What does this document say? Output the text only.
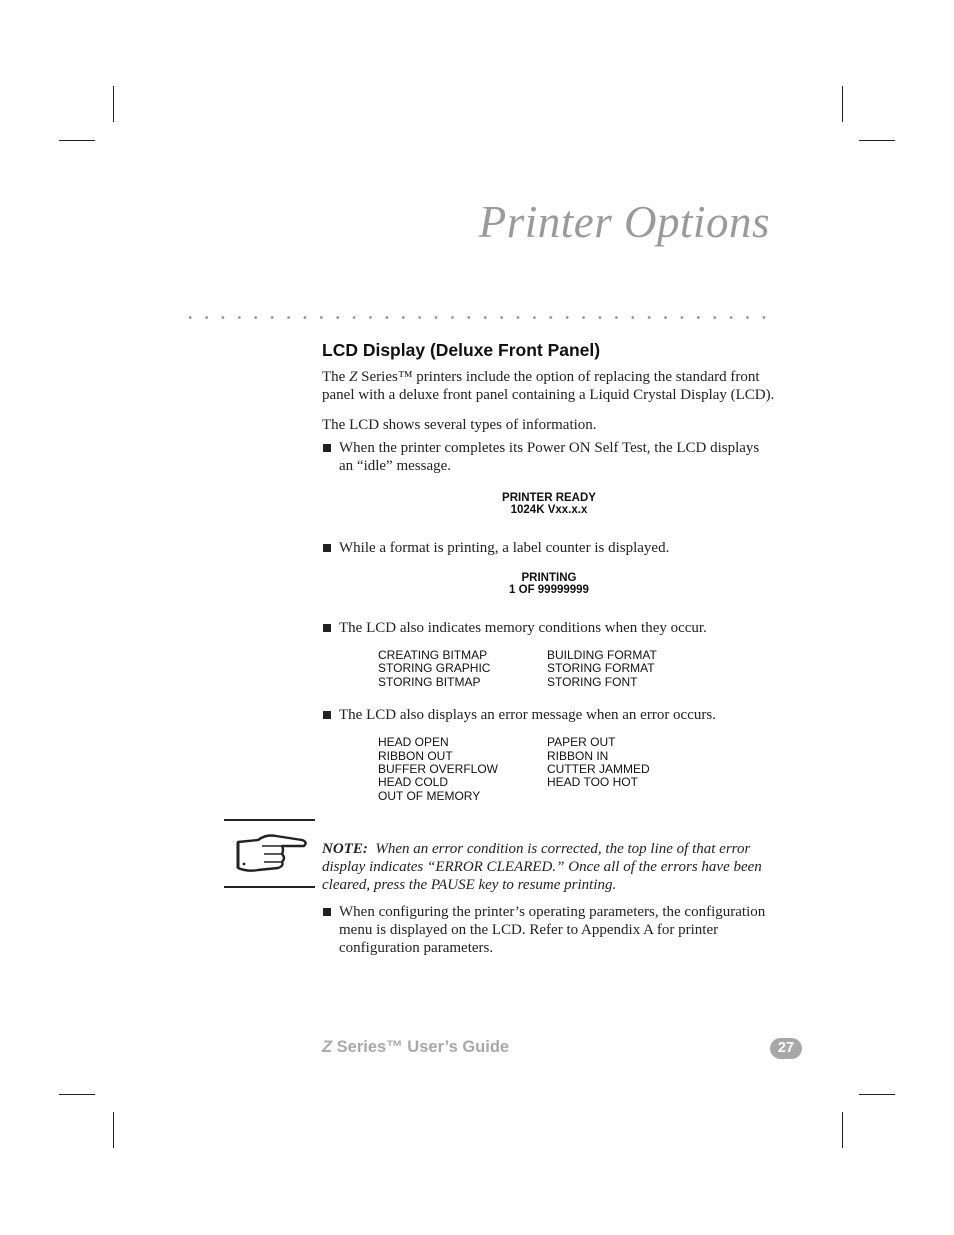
Printer Options
LCD Display (Deluxe Front Panel)

The Z Series™ printers include the option of replacing the standard front panel with a deluxe front panel containing a Liquid Crystal Display (LCD).

The LCD shows several types of information.

When the printer completes its Power ON Self Test, the LCD displays an “idle” message.
PRINTER READY
1024K Vxx.x.x
While a format is printing, a label counter is displayed.
PRINTING
1 OF 99999999
The LCD also indicates memory conditions when they occur.
CREATING BITMAP
STORING GRAPHIC
STORING BITMAP
BUILDING FORMAT
STORING FORMAT
STORING FONT
The LCD also displays an error message when an error occurs.
HEAD OPEN
RIBBON OUT
BUFFER OVERFLOW
HEAD COLD
OUT OF MEMORY
PAPER OUT
RIBBON IN
CUTTER JAMMED
HEAD TOO HOT

NOTE: When an error condition is corrected, the top line of that error display indicates “ERROR CLEARED.” Once all of the errors have been cleared, press the PAUSE key to resume printing.

When configuring the printer’s operating parameters, the configuration menu is displayed on the LCD. Refer to Appendix A for printer configuration parameters.

Z Series™ User’s Guide	27
